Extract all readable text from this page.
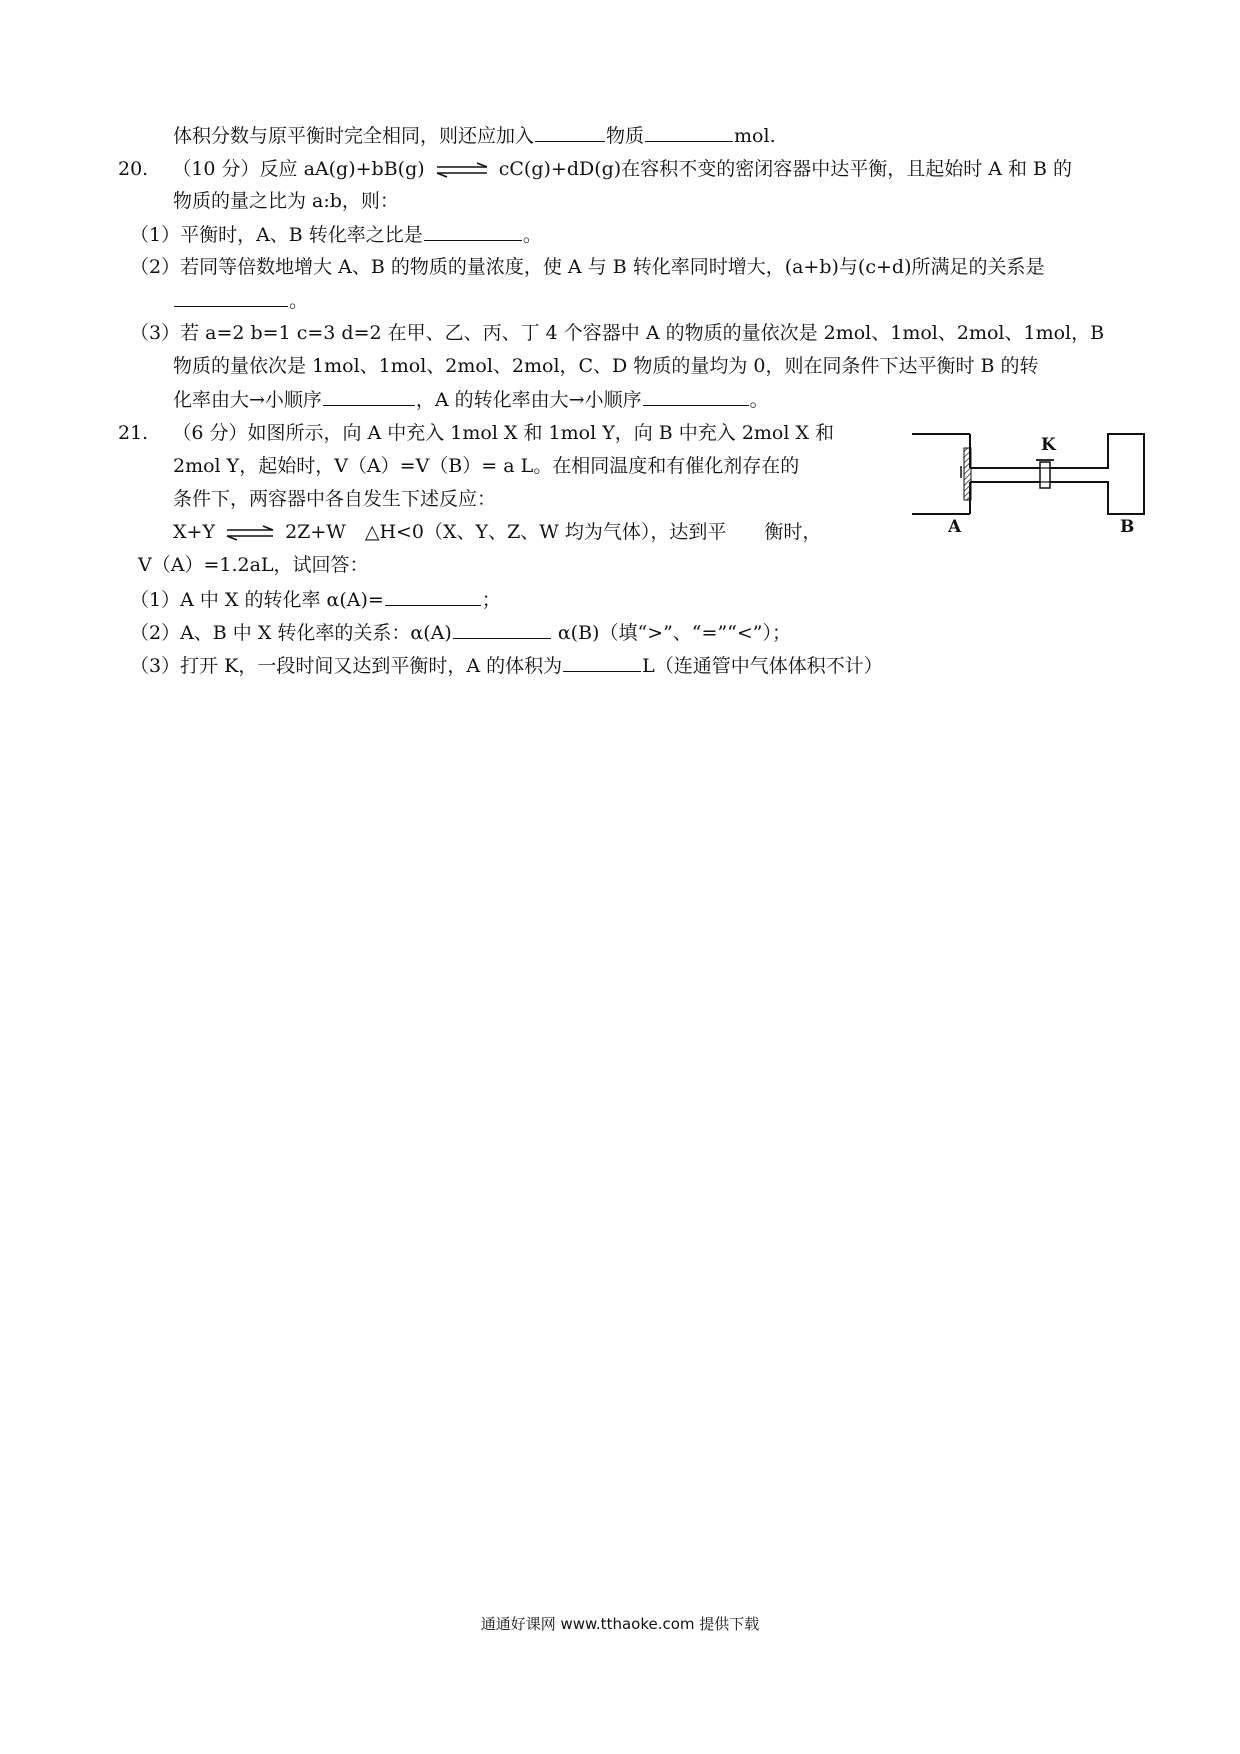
体积分数与原平衡时完全相同，则还应加入	物质	mol.
20. （10 分）反应 aA(g)+bB(g) ⇌ cC(g)+dD(g)在容积不变的密闭容器中达平衡，且起始时 A 和 B 的
物质的量之比为 a:b，则：
（1）平衡时，A、B 转化率之比是	。
（2）若同等倍数地增大 A、B 的物质的量浓度，使 A 与 B 转化率同时增大，(a+b)与(c+d)所满足的关系是
。
（3）若 a=2 b=1 c=3 d=2 在甲、乙、丙、丁 4 个容器中 A 的物质的量依次是 2mol、1mol、2mol、1mol，B
物质的量依次是 1mol、1mol、2mol、2mol，C、D 物质的量均为 0，则在同条件下达平衡时 B 的转
化率由大→小顺序	，A 的转化率由大→小顺序	。
21. （6 分）如图所示，向 A 中充入 1mol X 和 1mol Y，向 B 中充入 2mol X 和
2mol Y，起始时，V（A）=V（B）= a L。在相同温度和有催化剂存在的
条件下，两容器中各自发生下述反应：
X+Y ⇌ 2Z+W　△H<0（X、Y、Z、W 均为气体），达到平　　衡时，
V（A）=1.2aL，试回答：
（1）A 中 X 的转化率 α(A)=	；
（2）A、B 中 X 转化率的关系：α(A)	α(B)（填“>”、“=”“<”）；
（3）打开 K，一段时间又达到平衡时，A 的体积为	L（连通管中气体体积不计）
K
A	B
通通好课网 www.tthaoke.com 提供下载
